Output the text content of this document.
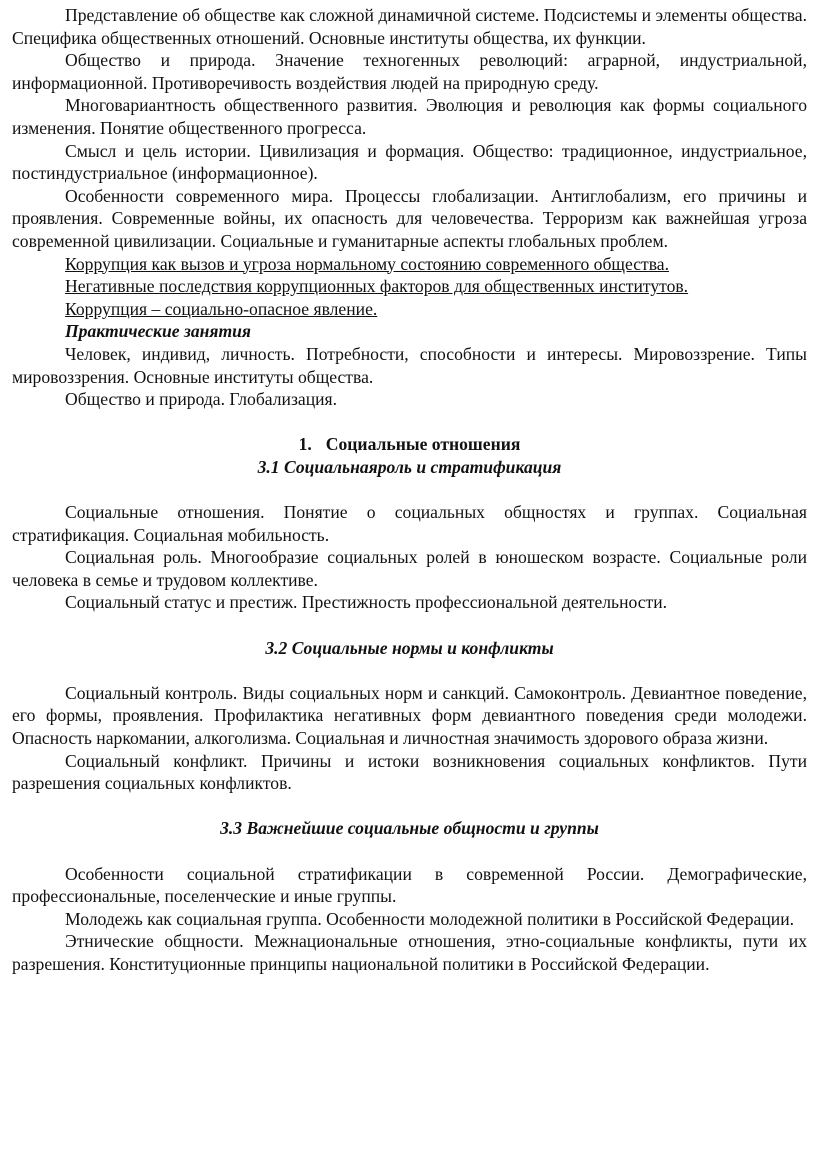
Представление об обществе как сложной динамичной системе. Подсистемы и элементы общества. Специфика общественных отношений. Основные институты общества, их функции.

Общество и природа. Значение техногенных революций: аграрной, индустриальной, информационной. Противоречивость воздействия людей на природную среду.

Многовариантность общественного развития. Эволюция и революция как формы социального изменения. Понятие общественного прогресса.

Смысл и цель истории. Цивилизация и формация. Общество: традиционное, индустриальное, постиндустриальное (информационное).

Особенности современного мира. Процессы глобализации. Антиглобализм, его причины и проявления. Современные войны, их опасность для человечества. Терроризм как важнейшая угроза современной цивилизации. Социальные и гуманитарные аспекты глобальных проблем.

Коррупция как вызов и угроза нормальному состоянию современного общества.

Негативные последствия коррупционных факторов для общественных институтов.

Коррупция – социально-опасное явление.

Практические занятия

Человек, индивид, личность. Потребности, способности и интересы. Мировоззрение. Типы мировоззрения. Основные институты общества.

Общество и природа. Глобализация.

1. Социальные отношения

3.1 Социальнаяроль и стратификация

Социальные отношения. Понятие о социальных общностях и группах. Социальная стратификация. Социальная мобильность.

Социальная роль. Многообразие социальных ролей в юношеском возрасте. Социальные роли человека в семье и трудовом коллективе.

Социальный статус и престиж. Престижность профессиональной деятельности.

3.2 Социальные нормы и конфликты

Социальный контроль. Виды социальных норм и санкций. Самоконтроль. Девиантное поведение, его формы, проявления. Профилактика негативных форм девиантного поведения среди молодежи. Опасность наркомании, алкоголизма. Социальная и личностная значимость здорового образа жизни.

Социальный конфликт. Причины и истоки возникновения социальных конфликтов. Пути разрешения социальных конфликтов.

3.3 Важнейшие социальные общности и группы

Особенности социальной стратификации в современной России. Демографические, профессиональные, поселенческие и иные группы.

Молодежь как социальная группа. Особенности молодежной политики в Российской Федерации.

Этнические общности. Межнациональные отношения, этно-социальные конфликты, пути их разрешения. Конституционные принципы национальной политики в Российской Федерации.
